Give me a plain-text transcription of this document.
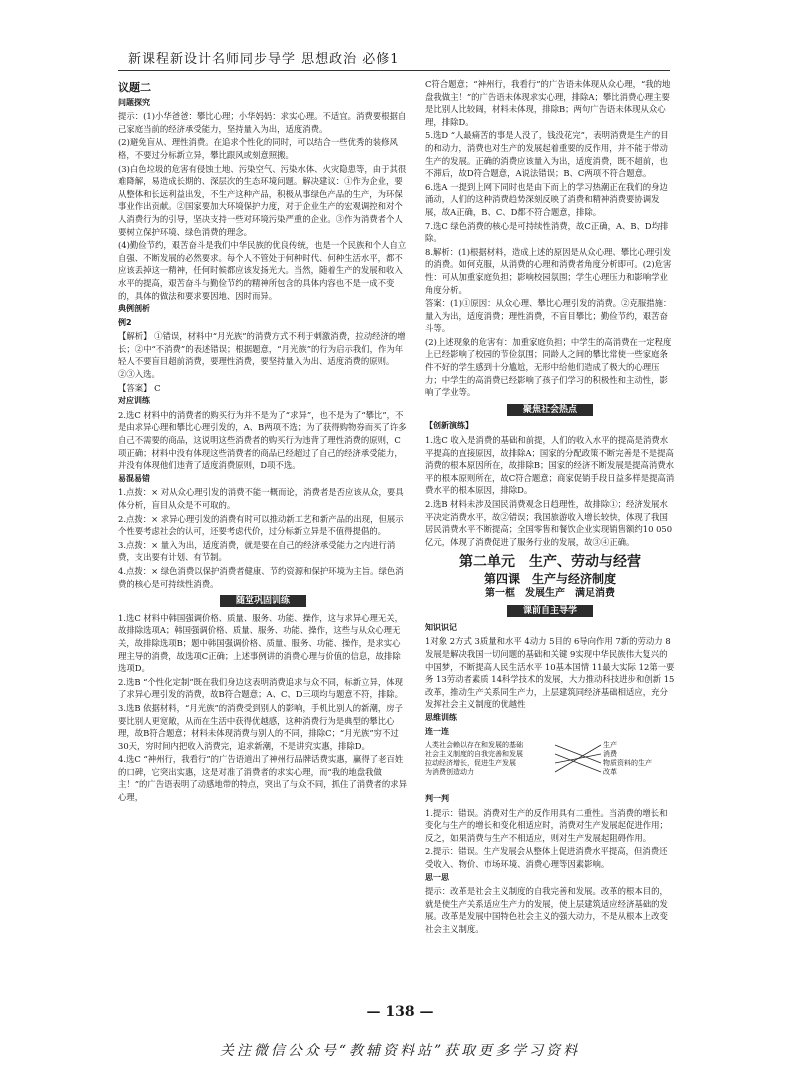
新课程新设计名师同步导学 思想政治 必修1
议题二
问题探究

提示：(1)小华爸爸：攀比心理；小华妈妈：求实心理。不适宜。消费要根据自己家庭当前的经济承受能力，坚持量入为出，适度消费。

(2)避免盲从、理性消费。在追求个性化的同时，可以结合一些优秀的装修风格，不要过分标新立异，攀比跟风或刻意照搬。

(3)白色垃圾的危害有侵蚀土地、污染空气、污染水体、火灾隐患等，由于其很难降解，易造成长期的、深层次的生态环境问题。解决建议：①作为企业，要从整体和长远利益出发，不生产这种产品，积极从事绿色产品的生产，为环保事业作出贡献。②国家要加大环境保护力度，对于企业生产的宏观调控和对个人消费行为的引导，坚决支持一些对环境污染严重的企业。③作为消费者个人要树立保护环境、绿色消费的理念。

(4)勤俭节约，艰苦奋斗是我们中华民族的优良传统，也是一个民族和个人自立自强、不断发展的必然要求。每个人不管处于何种时代、何种生活水平，都不应该丢掉这一精神，任何时候都应该发扬光大。当然，随着生产的发展和收入水平的提高，艰苦奋斗与勤俭节约的精神所包含的具体内容也不是一成不变的，具体的做法和要求要因地、因时而异。

典例剖析
例2

【解析】 ①错误，材料中“月光族”的消费方式不利于刺激消费，拉动经济的增长；②中“不消费”的表述错误；根据题意，“月光族”的行为启示我们，作为年轻人不要盲目超前消费，要理性消费，要坚持量入为出、适度消费的原则。②③入选。

【答案】 C

对应训练

2.选C 材料中的消费者的购买行为并不是为了“求异”，也不是为了“攀比”，不是由求异心理和攀比心理引发的，A、B两项不选；为了获得购物券而买了许多自己不需要的商品，这说明这些消费者的购买行为违背了理性消费的原则，C项正确；材料中没有体现这些消费者的商品已经超过了自己的经济承受能力，并没有体现他们违背了适度消费原则，D项不选。

易混易错

1.点拨：× 对从众心理引发的消费不能一概而论，消费者是否应该从众，要具体分析，盲目从众是不可取的。

2.点拨：× 求异心理引发的消费有时可以推动新工艺和新产品的出现，但展示个性要考虑社会的认可，还要考虑代价，过分标新立异是不值得提倡的。

3.点拨：× 量入为出，适度消费，就是要在自己的经济承受能力之内进行消费，支出要有计划、有节制。

4.点拨：× 绿色消费以保护消费者健康、节约资源和保护环境为主旨。绿色消费的核心是可持续性消费。

随堂巩固训练

1.选C 材料中韩国强调价格、质量、服务、功能、操作，这与求异心理无关，故排除选项A；韩国强调价格、质量、服务、功能、操作，这些与从众心理无关，故排除选项B；题中韩国强调价格、质量、服务、功能、操作，是求实心理主导的消费，故选项C正确；上述事例讲的消费心理与价值的信息，故排除选项D。

2.选B “个性化定制”既在我们身边这表明消费追求与众不同，标新立异，体现了求异心理引发的消费，故B符合题意；A、C、D三项均与题意不符，排除。

3.选B 依据材料，“月光族”的消费受到别人的影响，手机比别人的新潮，房子要比别人更宽敞，从而在生活中获得优越感，这种消费行为是典型的攀比心理，故B符合题意；材料未体现消费与别人的不同，排除C；“月光族”穷不过30天，穷时间内把收入消费完，追求新潮，不是讲究实惠，排除D。

4.选C “神州行，我看行”的广告语道出了神州行品牌话费实惠，赢得了老百姓的口碑，它突出实惠，这是对准了消费者的求实心理，而“我的地盘我做主！”的广告语表明了动感地带的特点，突出了与众不同，抓住了消费者的求异心理，

C符合题意；“神州行，我看行”的广告语未体现从众心理，“我的地盘我做主！”的广告语未体现求实心理，排除A；攀比消费心理主要是比别人比较阔，材料未体现，排除B；两句广告语未体现从众心理，排除D。

5.选D “人最痛苦的事是人没了，钱没花完”，表明消费是生产的目的和动力，消费也对生产的发展起着重要的反作用，并不能于带动生产的发展。正确的消费应该量入为出，适度消费，既不超前，也不滞后，故D符合题意，A说法错误；B、C两项不符合题意。

6.选A 一提到上网下同时也是由下而上的学习热潮正在我们的身边涌动，人们的这种消费趋势深刻反映了消费和精神消费要协调发展，故A正确，B、C、D都不符合题意，排除。

7.选C 绿色消费的核心是可持续性消费，故C正确，A、B、D均排除。

8.解析：(1)根据材料，造成上述的原因是从众心理、攀比心理引发的消费。如何克服，从消费的心理和消费者角度分析即可。(2)危害性：可从加重家庭负担；影响校园氛围；学生心理压力和影响学业角度分析。

答案：(1)①原因：从众心理、攀比心理引发的消费。②克服措施：量入为出，适度消费；理性消费，不盲目攀比；勤俭节约，艰苦奋斗等。

(2)上述现象的危害有：加重家庭负担；中学生的高消费在一定程度上已经影响了校园的节俭氛围；同龄人之间的攀比常使一些家庭条件不好的学生感到十分尴尬，无形中给他们造成了极大的心理压力；中学生的高消费已经影响了孩子们学习的积极性和主动性，影响了学业等。

聚焦社会热点
【创新演练】

1.选C 收入是消费的基础和前提，人们的收入水平的提高是消费水平提高的直接原因，故排除A；国家的分配政策不断完善是不是提高消费的根本原因所在，故排除B；国家的经济不断发展是提高消费水平的根本原则所在，故C符合题意；商家促销手段日益多样是提高消费水平的根本原因，排除D。

2.选B 材料未涉及国民消费观念日趋理性，故排除①；经济发展水平决定消费水平，故②错误；我国旅游收入增长较快，体现了我国居民消费水平不断提高；全国零售和餐饮企业实现销售额约10 050亿元，体现了消费促进了服务行业的发展，故③④正确。

第二单元　生产、劳动与经营
第四课　生产与经济制度
第一框　发展生产　满足消费
课前自主导学
知识识记
1对象 2方式 3质量和水平 4动力 5目的 6导向作用 7新的劳动力 8发展是解决我国一切问题的基础和关键 9实现中华民族伟大复兴的中国梦，不断提高人民生活水平 10基本国情 11最大实际 12第一要务 13劳动者素质 14科学技术的发展，大力推动科技进步和创新 15改革，推动生产关系同生产力，上层建筑同经济基础相适应，充分发挥社会主义制度的优越性
思维训练
连一连
人类社会赖以存在和发展的基础
社会主义制度的自我完善和发展
拉动经济增长，促进生产发展
为消费创造动力
生产
消费
物质资料的生产
改革
判一判

1.提示：错误。消费对生产的反作用具有二重性。当消费的增长和变化与生产的增长和变化相适应时，消费对生产发展起促进作用；反之，如果消费与生产不相适应，则对生产发展起阻碍作用。

2.提示：错误。生产发展会从整体上促进消费水平提高，但消费还受收入、物价、市场环境、消费心理等因素影响。

思一思

提示：改革是社会主义制度的自我完善和发展。改革的根本目的，就是使生产关系适应生产力的发展，使上层建筑适应经济基础的发展。改革是发展中国特色社会主义的强大动力，不是从根本上改变社会主义制度。

— 138 —
关注微信公众号“教辅资料站”获取更多学习资料
